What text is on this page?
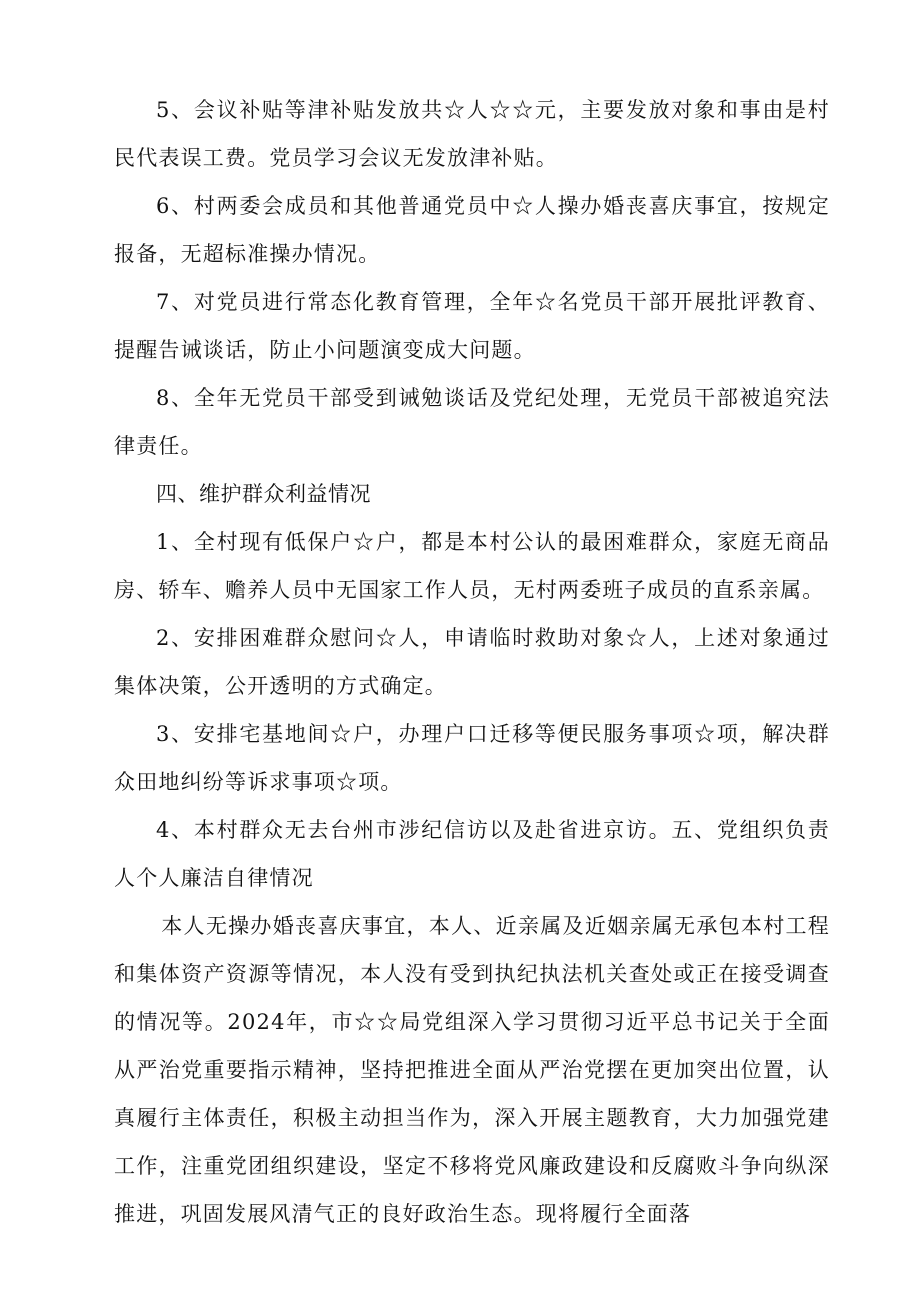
5、会议补贴等津补贴发放共☆人☆☆元，主要发放对象和事由是村民代表误工费。党员学习会议无发放津补贴。

6、村两委会成员和其他普通党员中☆人操办婚丧喜庆事宜，按规定报备，无超标准操办情况。

7、对党员进行常态化教育管理，全年☆名党员干部开展批评教育、提醒告诫谈话，防止小问题演变成大问题。

8、全年无党员干部受到诫勉谈话及党纪处理，无党员干部被追究法律责任。

四、维护群众利益情况

1、全村现有低保户☆户，都是本村公认的最困难群众，家庭无商品房、轿车、赡养人员中无国家工作人员，无村两委班子成员的直系亲属。

2、安排困难群众慰问☆人，申请临时救助对象☆人，上述对象通过集体决策，公开透明的方式确定。

3、安排宅基地间☆户，办理户口迁移等便民服务事项☆项，解决群众田地纠纷等诉求事项☆项。

4、本村群众无去台州市涉纪信访以及赴省进京访。五、党组织负责人个人廉洁自律情况

本人无操办婚丧喜庆事宜，本人、近亲属及近姻亲属无承包本村工程和集体资产资源等情况，本人没有受到执纪执法机关查处或正在接受调查的情况等。2024年，市☆☆局党组深入学习贯彻习近平总书记关于全面从严治党重要指示精神，坚持把推进全面从严治党摆在更加突出位置，认真履行主体责任，积极主动担当作为，深入开展主题教育，大力加强党建工作，注重党团组织建设，坚定不移将党风廉政建设和反腐败斗争向纵深推进，巩固发展风清气正的良好政治生态。现将履行全面落
